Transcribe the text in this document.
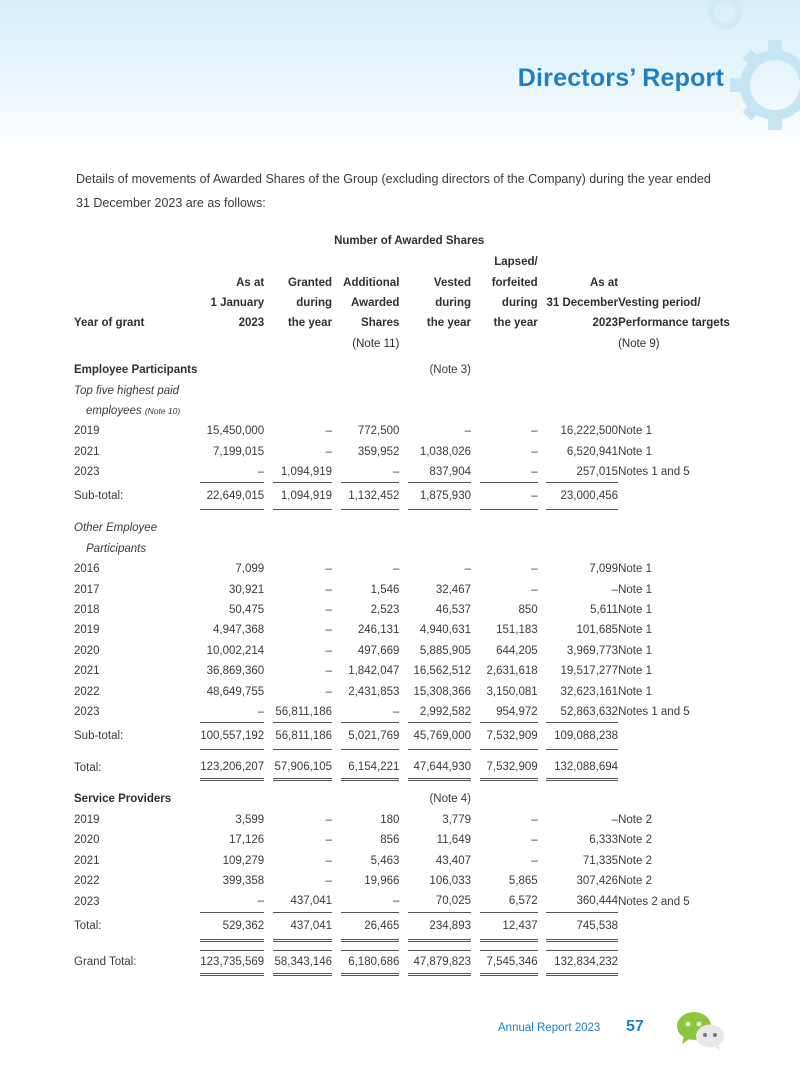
Directors’ Report
Details of movements of Awarded Shares of the Group (excluding directors of the Company) during the year ended 31 December 2023 are as follows:
	Number of Awarded Shares											
									Lapsed/			
	As at		Granted		Additional		Vested		forfeited		As at	
	1 January		during		Awarded		during		during		31 December	Vesting period/
Year of grant	2023		the year		Shares		the year		the year		2023	Performance targets
					(Note 11)							(Note 9)

Employee Participants							(Note 3)					
Top five highest paid												
employees (Note 10)												
2019	15,450,000		–		772,500		–		–		16,222,500	Note 1
2021	7,199,015		–		359,952		1,038,026		–		6,520,941	Note 1
2023	–		1,094,919		–		837,904		–		257,015	Notes 1 and 5
Sub-total:	22,649,015		1,094,919		1,132,452		1,875,930		–		23,000,456	

Other Employee												
Participants												
2016	7,099		–		–		–		–		7,099	Note 1
2017	30,921		–		1,546		32,467		–		–	Note 1
2018	50,475		–		2,523		46,537		850		5,611	Note 1
2019	4,947,368		–		246,131		4,940,631		151,183		101,685	Note 1
2020	10,002,214		–		497,669		5,885,905		644,205		3,969,773	Note 1
2021	36,869,360		–		1,842,047		16,562,512		2,631,618		19,517,277	Note 1
2022	48,649,755		–		2,431,853		15,308,366		3,150,081		32,623,161	Note 1
2023	–		56,811,186		–		2,992,582		954,972		52,863,632	Notes 1 and 5
Sub-total:	100,557,192		56,811,186		5,021,769		45,769,000		7,532,909		109,088,238	

Total:	123,206,207		57,906,105		6,154,221		47,644,930		7,532,909		132,088,694	

Service Providers							(Note 4)					
2019	3,599		–		180		3,779		–		–	Note 2
2020	17,126		–		856		11,649		–		6,333	Note 2
2021	109,279		–		5,463		43,407		–		71,335	Note 2
2022	399,358		–		19,966		106,033		5,865		307,426	Note 2
2023	–		437,041		–		70,025		6,572		360,444	Notes 2 and 5
Total:	529,362		437,041		26,465		234,893		12,437		745,538	

Grand Total:	123,735,569		58,343,146		6,180,686		47,879,823		7,545,346		132,834,232	

Annual Report 2023 57
